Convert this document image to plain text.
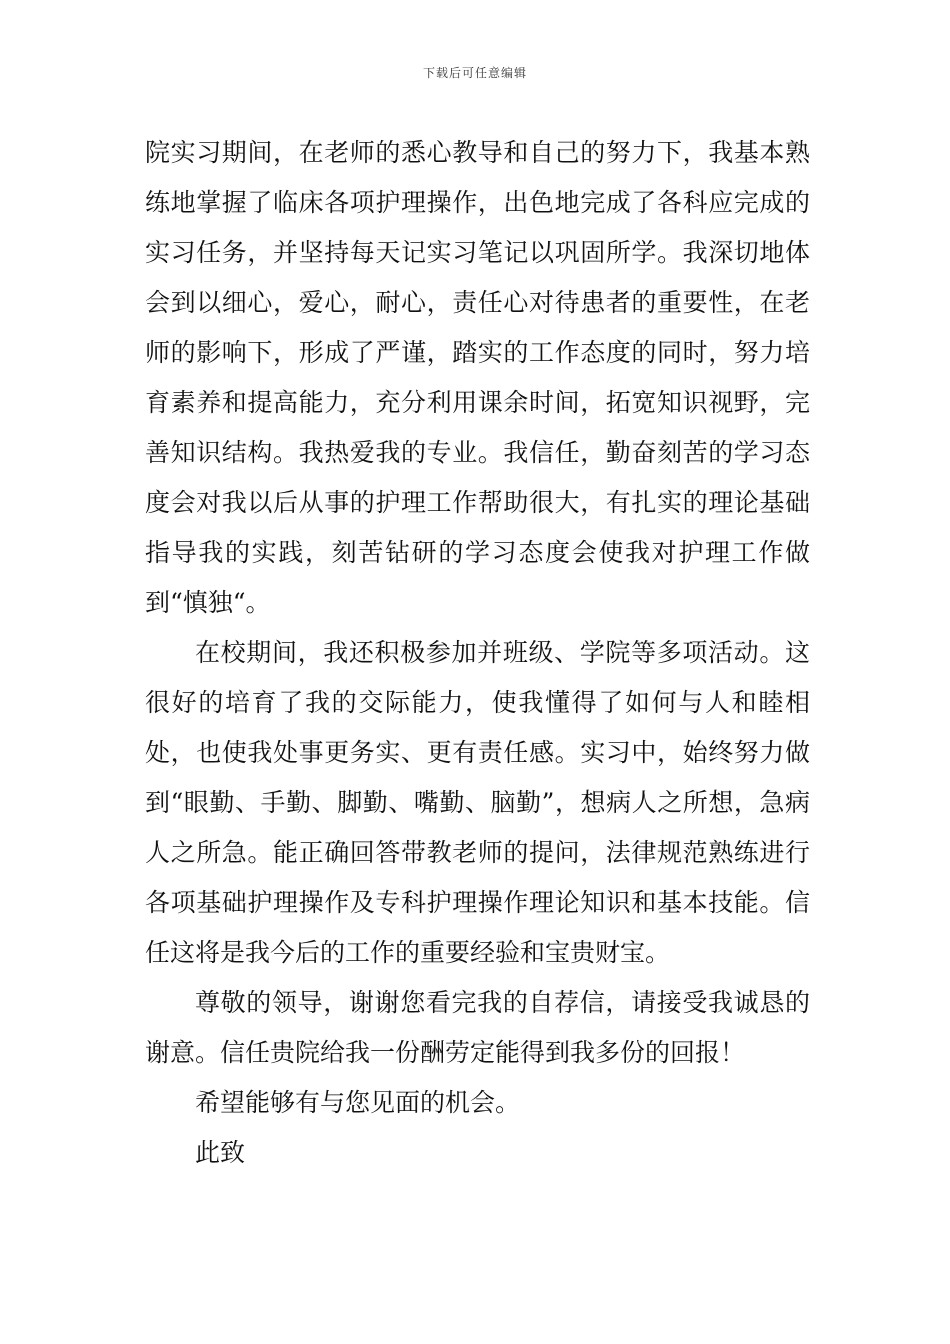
下载后可任意编辑

院实习期间，在老师的悉心教导和自己的努力下，我基本熟练地掌握了临床各项护理操作，出色地完成了各科应完成的实习任务，并坚持每天记实习笔记以巩固所学。我深切地体会到以细心，爱心，耐心，责任心对待患者的重要性，在老师的影响下，形成了严谨，踏实的工作态度的同时，努力培育素养和提高能力，充分利用课余时间，拓宽知识视野，完善知识结构。我热爱我的专业。我信任，勤奋刻苦的学习态度会对我以后从事的护理工作帮助很大，有扎实的理论基础指导我的实践，刻苦钻研的学习态度会使我对护理工作做到“慎独“。

在校期间，我还积极参加并班级、学院等多项活动。这很好的培育了我的交际能力，使我懂得了如何与人和睦相处，也使我处事更务实、更有责任感。实习中，始终努力做到“眼勤、手勤、脚勤、嘴勤、脑勤”，想病人之所想，急病人之所急。能正确回答带教老师的提问，法律规范熟练进行各项基础护理操作及专科护理操作理论知识和基本技能。信任这将是我今后的工作的重要经验和宝贵财宝。

尊敬的领导，谢谢您看完我的自荐信，请接受我诚恳的谢意。信任贵院给我一份酬劳定能得到我多份的回报！

希望能够有与您见面的机会。

此致
